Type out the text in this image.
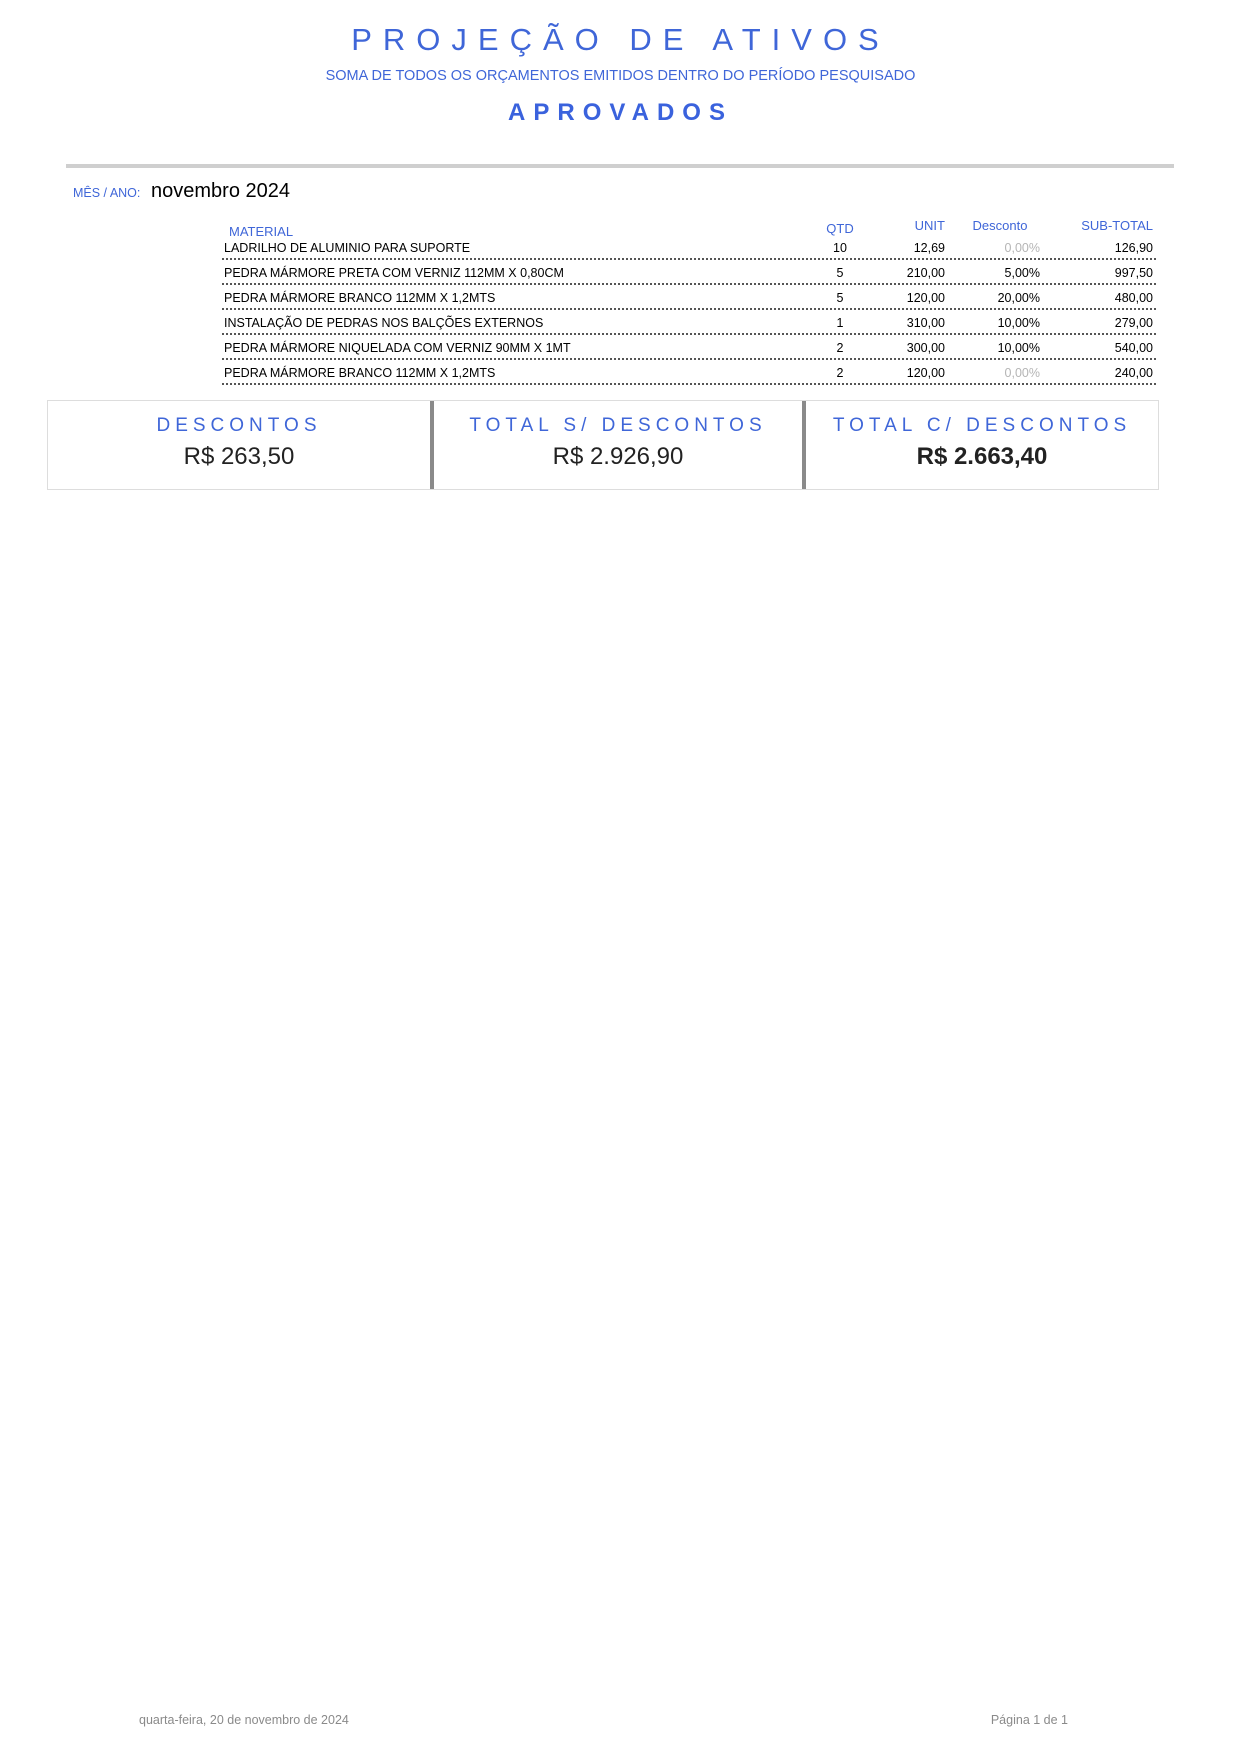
PROJEÇÃO DE ATIVOS
SOMA DE TODOS OS ORÇAMENTOS EMITIDOS DENTRO DO PERÍODO PESQUISADO
APROVADOS
MÊS / ANO: novembro 2024
MATERIAL	QTD	UNIT	Desconto	SUB-TOTAL
LADRILHO DE ALUMINIO PARA SUPORTE	10	12,69	0,00%	126,90
PEDRA MÁRMORE PRETA COM VERNIZ 112MM X 0,80CM	5	210,00	5,00%	997,50
PEDRA MÁRMORE BRANCO 112MM X 1,2MTS	5	120,00	20,00%	480,00
INSTALAÇÃO DE PEDRAS NOS BALÇÕES EXTERNOS	1	310,00	10,00%	279,00
PEDRA MÁRMORE NIQUELADA COM VERNIZ 90MM X 1MT	2	300,00	10,00%	540,00
PEDRA MÁRMORE BRANCO 112MM X 1,2MTS	2	120,00	0,00%	240,00
DESCONTOS
R$ 263,50
TOTAL S/ DESCONTOS
R$ 2.926,90
TOTAL C/ DESCONTOS
R$ 2.663,40
quarta-feira, 20 de novembro de 2024	Página 1 de 1
